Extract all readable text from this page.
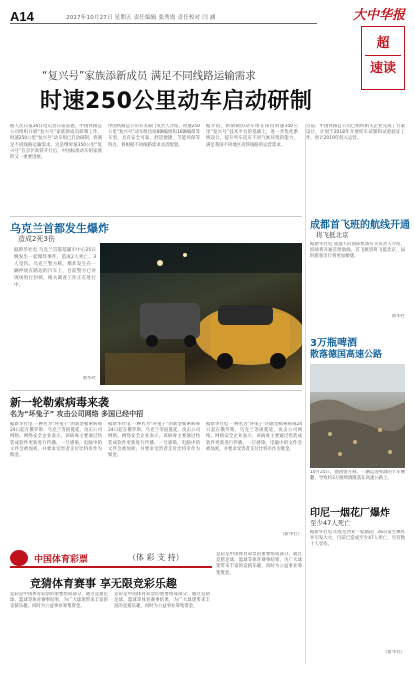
A14	2017年10月27日 星期五 责任编辑 张秀霞 责任校对 闫 涵	大中华报
超
速读
“复兴号”家族添新成员 满足不同线路运输需求
时速250公里动车启动研制
据人民日报26日电记者日前获悉，中国铁路总公司组织开展“复兴号”家族新成员研制工作，时速250公里“复兴号”动车组已启动研制，将满足不同线路运输需求。这是继时速350公里“复兴号”在京沪高铁开行后，中国标准动车组家族的又一重要进展。
中国铁路总公司有关部门负责人介绍，时速250公里“复兴号”动车组包括8辆编组和16辆编组等车型，具有安全可靠、舒适便捷、节能环保等特点，将根据不同线路需求灵活配置。
据介绍，新研制的动车组在保持时速350公里“复兴号”技术平台的基础上，进一步优化系统设计，提升列车适应不同气候环境的能力，满足我国不同地区高铁线路的运营需求。
目前，中国铁路总公司已组织相关企业完成了方案设计，计划于2018年开展样车试制和试验验证工作，预计2019年投入运营。
乌克兰首都发生爆炸
造成2死3伤
据新华社电 乌克兰首都基辅市中心25日晚发生一起爆炸事件，造成2人死亡、3人受伤。乌克兰警方称，爆炸发生在一辆停放在路边的汽车上，目前警方已对现场进行封锁，相关调查工作正在进行中。
新华社
成都首飞班的航线开通
将飞抵北京
据新华社电 成都天府国际机场有关负责人介绍，机场将开通首批航线，首飞航班将飞抵北京，届时旅客出行将更加便捷。
新华社
3万瓶啤酒
散落德国高速公路
10月25日，德国警方称，一辆运送啤酒的卡车侧翻，导致约3万瓶啤酒散落在高速公路上。
印尼一烟花厂爆炸
至少47人死亡
据新华社电 印度尼西亚一家烟花厂26日发生爆炸并引发大火，目前已造成至少47人死亡，另有数十人受伤。
（新华社）
新一轮勒索病毒来袭
名为“坏兔子” 攻击公司网络 多国已经中招
据新华社电 一种名为“坏兔子”的新型勒索病毒24日起在俄罗斯、乌克兰等国蔓延，攻击公司网络。网络安全企业表示，该病毒主要通过伪装成软件更新进行传播，一旦感染，电脑中的文件会被加密，并要求受害者支付比特币作为赎金。
据新华社电 一种名为“坏兔子”的新型勒索病毒24日起在俄罗斯、乌克兰等国蔓延，攻击公司网络。网络安全企业表示，该病毒主要通过伪装成软件更新进行传播，一旦感染，电脑中的文件会被加密，并要求受害者支付比特币作为赎金。
据新华社电 一种名为“坏兔子”的新型勒索病毒24日起在俄罗斯、乌克兰等国蔓延，攻击公司网络。网络安全企业表示，该病毒主要通过伪装成软件更新进行传播，一旦感染，电脑中的文件会被加密，并要求受害者支付比特币作为赎金。
（新华社）
中国体育彩票	（体 彩 支 持）
竞猜体育赛事 享无限竞彩乐趣
竞彩是中国体育彩票的重要组成部分，通过竞猜足球、篮球等体育赛事结果，为广大球迷带来丰富的竞猜乐趣，同时为公益事业筹集资金。
竞彩是中国体育彩票的重要组成部分，通过竞猜足球、篮球等体育赛事结果，为广大球迷带来丰富的竞猜乐趣，同时为公益事业筹集资金。
竞彩是中国体育彩票的重要组成部分，通过竞猜足球、篮球等体育赛事结果，为广大球迷带来丰富的竞猜乐趣，同时为公益事业筹集资金。
